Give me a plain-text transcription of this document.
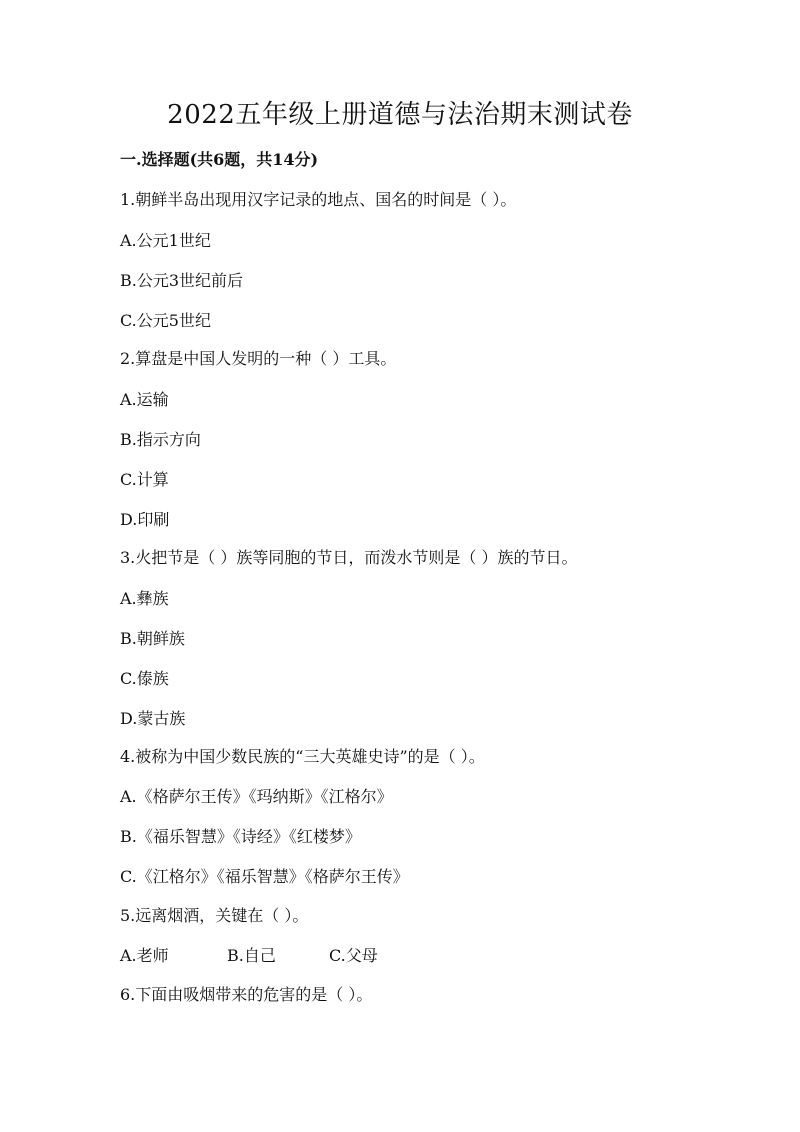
2022五年级上册道德与法治期末测试卷
一.选择题(共6题，共14分)
1.朝鲜半岛出现用汉字记录的地点、国名的时间是（ ）。
A.公元1世纪
B.公元3世纪前后
C.公元5世纪
2.算盘是中国人发明的一种（ ）工具。
A.运输
B.指示方向
C.计算
D.印刷
3.火把节是（ ）族等同胞的节日，而泼水节则是（ ）族的节日。
A.彝族
B.朝鲜族
C.傣族
D.蒙古族
4.被称为中国少数民族的“三大英雄史诗”的是（ ）。
A.《格萨尔王传》《玛纳斯》《江格尔》
B.《福乐智慧》《诗经》《红楼梦》
C.《江格尔》《福乐智慧》《格萨尔王传》
5.远离烟酒，关键在（ ）。
A.老师	B.自己	C.父母
6.下面由吸烟带来的危害的是（ ）。
